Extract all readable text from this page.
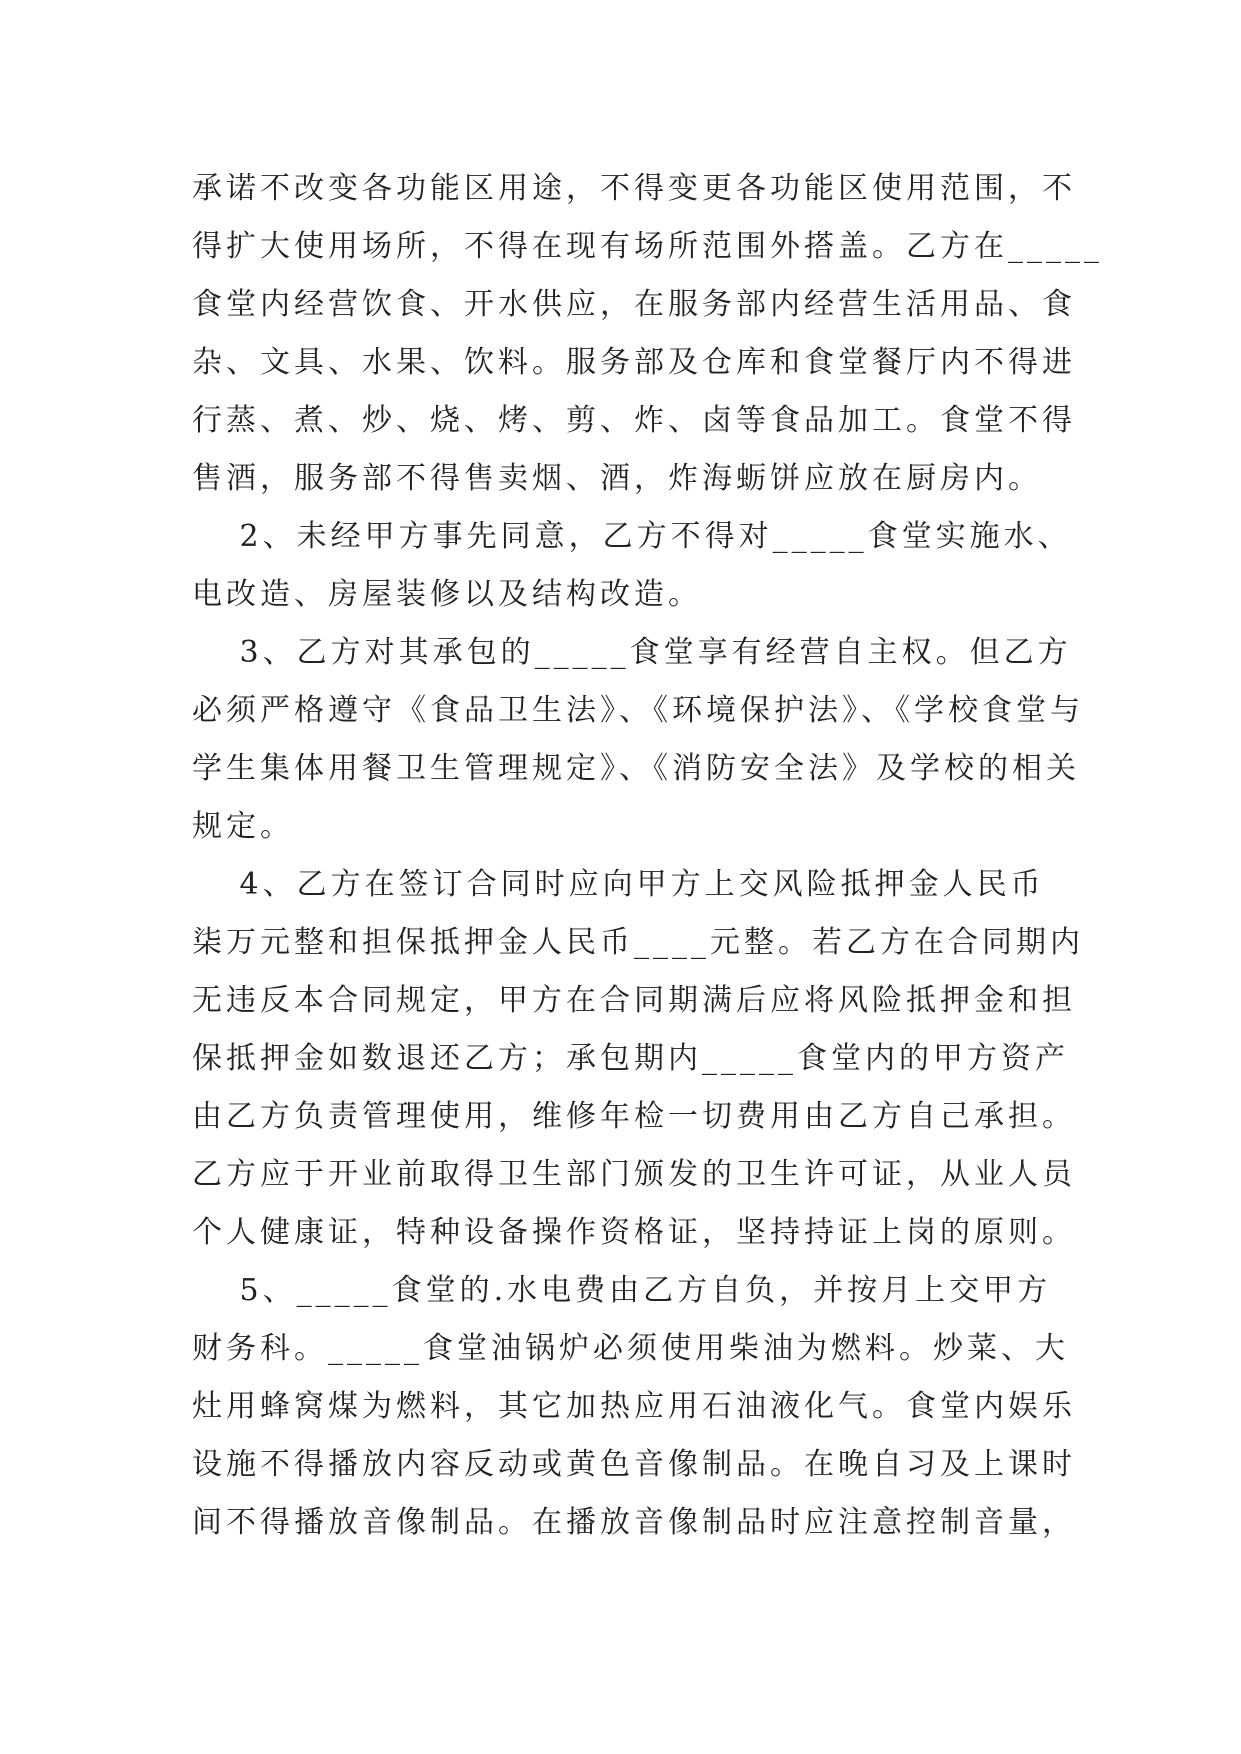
承诺不改变各功能区用途，不得变更各功能区使用范围，不
得扩大使用场所，不得在现有场所范围外搭盖。乙方在_____
食堂内经营饮食、开水供应，在服务部内经营生活用品、食
杂、文具、水果、饮料。服务部及仓库和食堂餐厅内不得进
行蒸、煮、炒、烧、烤、剪、炸、卤等食品加工。食堂不得
售酒，服务部不得售卖烟、酒，炸海蛎饼应放在厨房内。
　 2、未经甲方事先同意，乙方不得对_____食堂实施水、
电改造、房屋装修以及结构改造。
　 3、乙方对其承包的_____食堂享有经营自主权。但乙方
必须严格遵守《食品卫生法》、《环境保护法》、《学校食堂与
学生集体用餐卫生管理规定》、《消防安全法》及学校的相关
规定。
　 4、乙方在签订合同时应向甲方上交风险抵押金人民币
柒万元整和担保抵押金人民币____元整。若乙方在合同期内
无违反本合同规定，甲方在合同期满后应将风险抵押金和担
保抵押金如数退还乙方；承包期内_____食堂内的甲方资产
由乙方负责管理使用，维修年检一切费用由乙方自己承担。
乙方应于开业前取得卫生部门颁发的卫生许可证，从业人员
个人健康证，特种设备操作资格证，坚持持证上岗的原则。
　 5、_____食堂的.水电费由乙方自负，并按月上交甲方
财务科。_____食堂油锅炉必须使用柴油为燃料。炒菜、大
灶用蜂窝煤为燃料，其它加热应用石油液化气。食堂内娱乐
设施不得播放内容反动或黄色音像制品。在晚自习及上课时
间不得播放音像制品。在播放音像制品时应注意控制音量，
